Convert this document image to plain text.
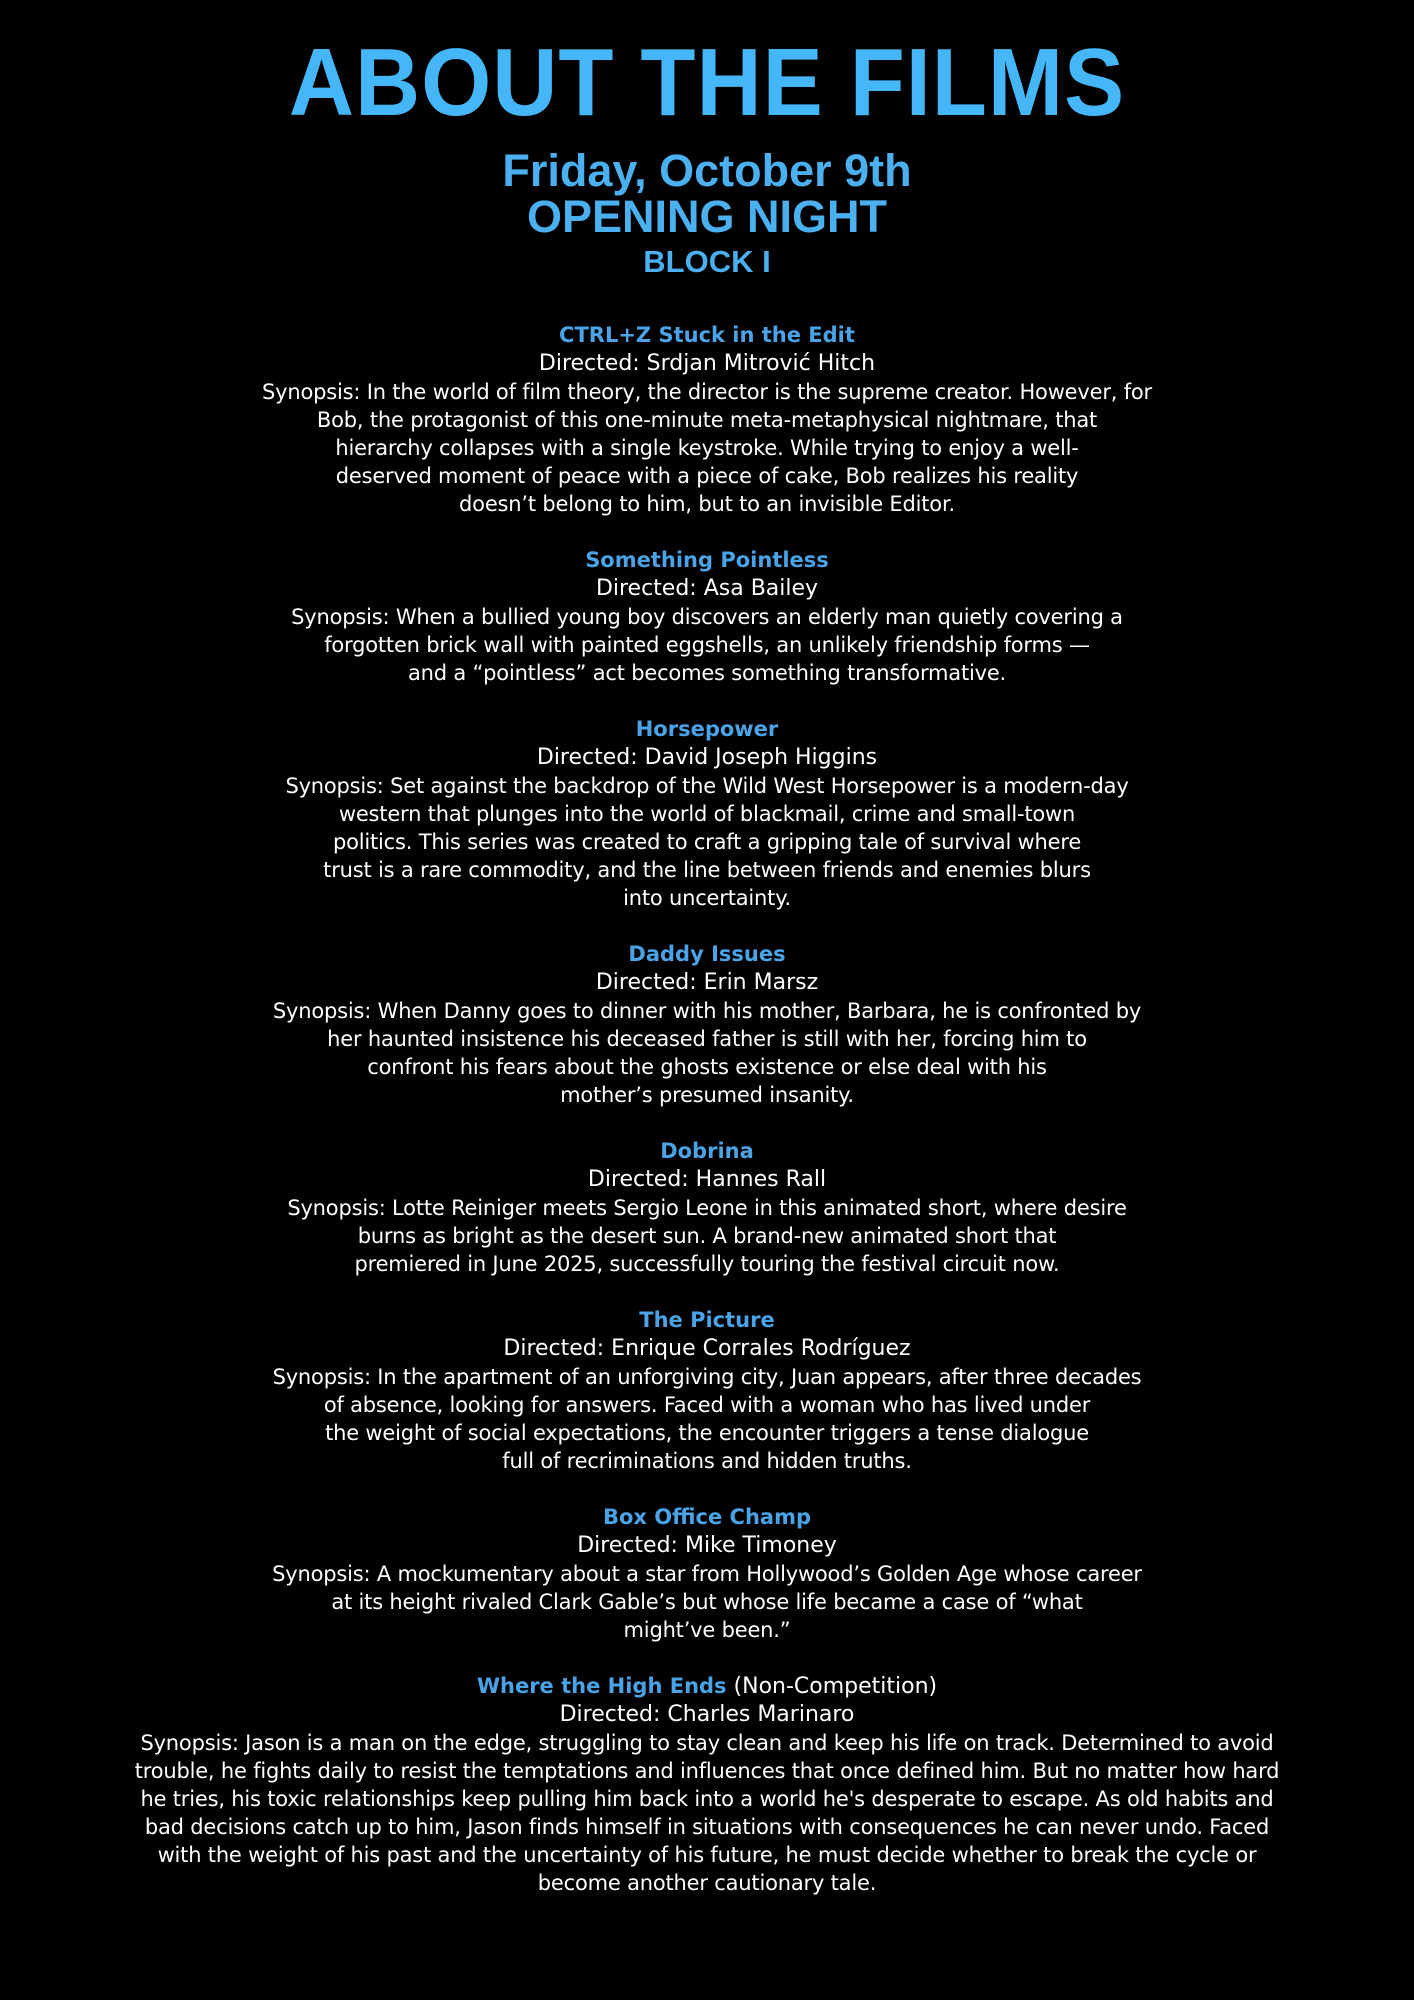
ABOUT THE FILMS
Friday, October 9th
OPENING NIGHT
BLOCK I
CTRL+Z Stuck in the Edit
Directed: Srdjan Mitrović Hitch
Synopsis: In the world of film theory, the director is the supreme creator. However, for
Bob, the protagonist of this one-minute meta-metaphysical nightmare, that
hierarchy collapses with a single keystroke. While trying to enjoy a well-
deserved moment of peace with a piece of cake, Bob realizes his reality
doesn’t belong to him, but to an invisible Editor.
Something Pointless
Directed: Asa Bailey
Synopsis: When a bullied young boy discovers an elderly man quietly covering a
forgotten brick wall with painted eggshells, an unlikely friendship forms —
and a “pointless” act becomes something transformative.
Horsepower
Directed: David Joseph Higgins
Synopsis: Set against the backdrop of the Wild West Horsepower is a modern-day
western that plunges into the world of blackmail, crime and small-town
politics. This series was created to craft a gripping tale of survival where
trust is a rare commodity, and the line between friends and enemies blurs
into uncertainty.
Daddy Issues
Directed: Erin Marsz
Synopsis: When Danny goes to dinner with his mother, Barbara, he is confronted by
her haunted insistence his deceased father is still with her, forcing him to
confront his fears about the ghosts existence or else deal with his
mother’s presumed insanity.
Dobrina
Directed: Hannes Rall
Synopsis: Lotte Reiniger meets Sergio Leone in this animated short, where desire
burns as bright as the desert sun. A brand-new animated short that
premiered in June 2025, successfully touring the festival circuit now.
The Picture
Directed: Enrique Corrales Rodríguez
Synopsis: In the apartment of an unforgiving city, Juan appears, after three decades
of absence, looking for answers. Faced with a woman who has lived under
the weight of social expectations, the encounter triggers a tense dialogue
full of recriminations and hidden truths.
Box Office Champ
Directed: Mike Timoney
Synopsis: A mockumentary about a star from Hollywood’s Golden Age whose career
at its height rivaled Clark Gable’s but whose life became a case of “what
might’ve been.”
Where the High Ends (Non-Competition)
Directed: Charles Marinaro
Synopsis: Jason is a man on the edge, struggling to stay clean and keep his life on track. Determined to avoid
trouble, he fights daily to resist the temptations and influences that once defined him. But no matter how hard
he tries, his toxic relationships keep pulling him back into a world he's desperate to escape. As old habits and
bad decisions catch up to him, Jason finds himself in situations with consequences he can never undo. Faced
with the weight of his past and the uncertainty of his future, he must decide whether to break the cycle or
become another cautionary tale.
